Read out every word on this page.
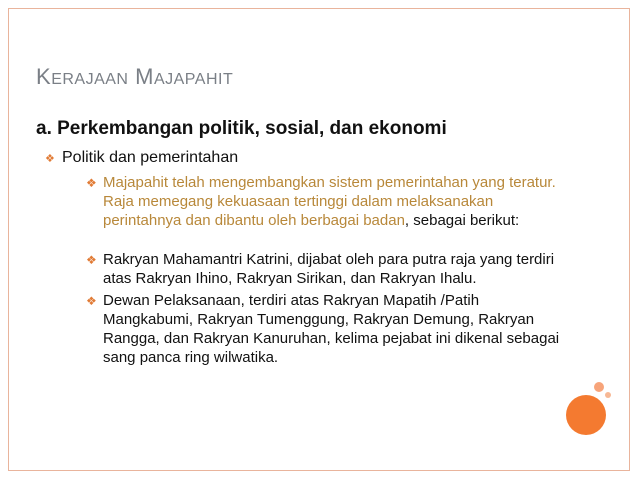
KERAJAAN MAJAPAHIT
a. Perkembangan politik, sosial, dan ekonomi
❖ Politik dan pemerintahan
❖ Majapahit telah mengembangkan sistem pemerintahan yang teratur. Raja memegang kekuasaan tertinggi dalam melaksanakan perintahnya dan dibantu oleh berbagai badan, sebagai berikut:
❖ Rakryan Mahamantri Katrini, dijabat oleh para putra raja yang terdiri atas Rakryan Ihino, Rakryan Sirikan, dan Rakryan Ihalu.
❖ Dewan Pelaksanaan, terdiri atas Rakryan Mapatih /Patih Mangkabumi, Rakryan Tumenggung, Rakryan Demung, Rakryan Rangga, dan Rakryan Kanuruhan, kelima pejabat ini dikenal sebagai sang panca ring wilwatika.
